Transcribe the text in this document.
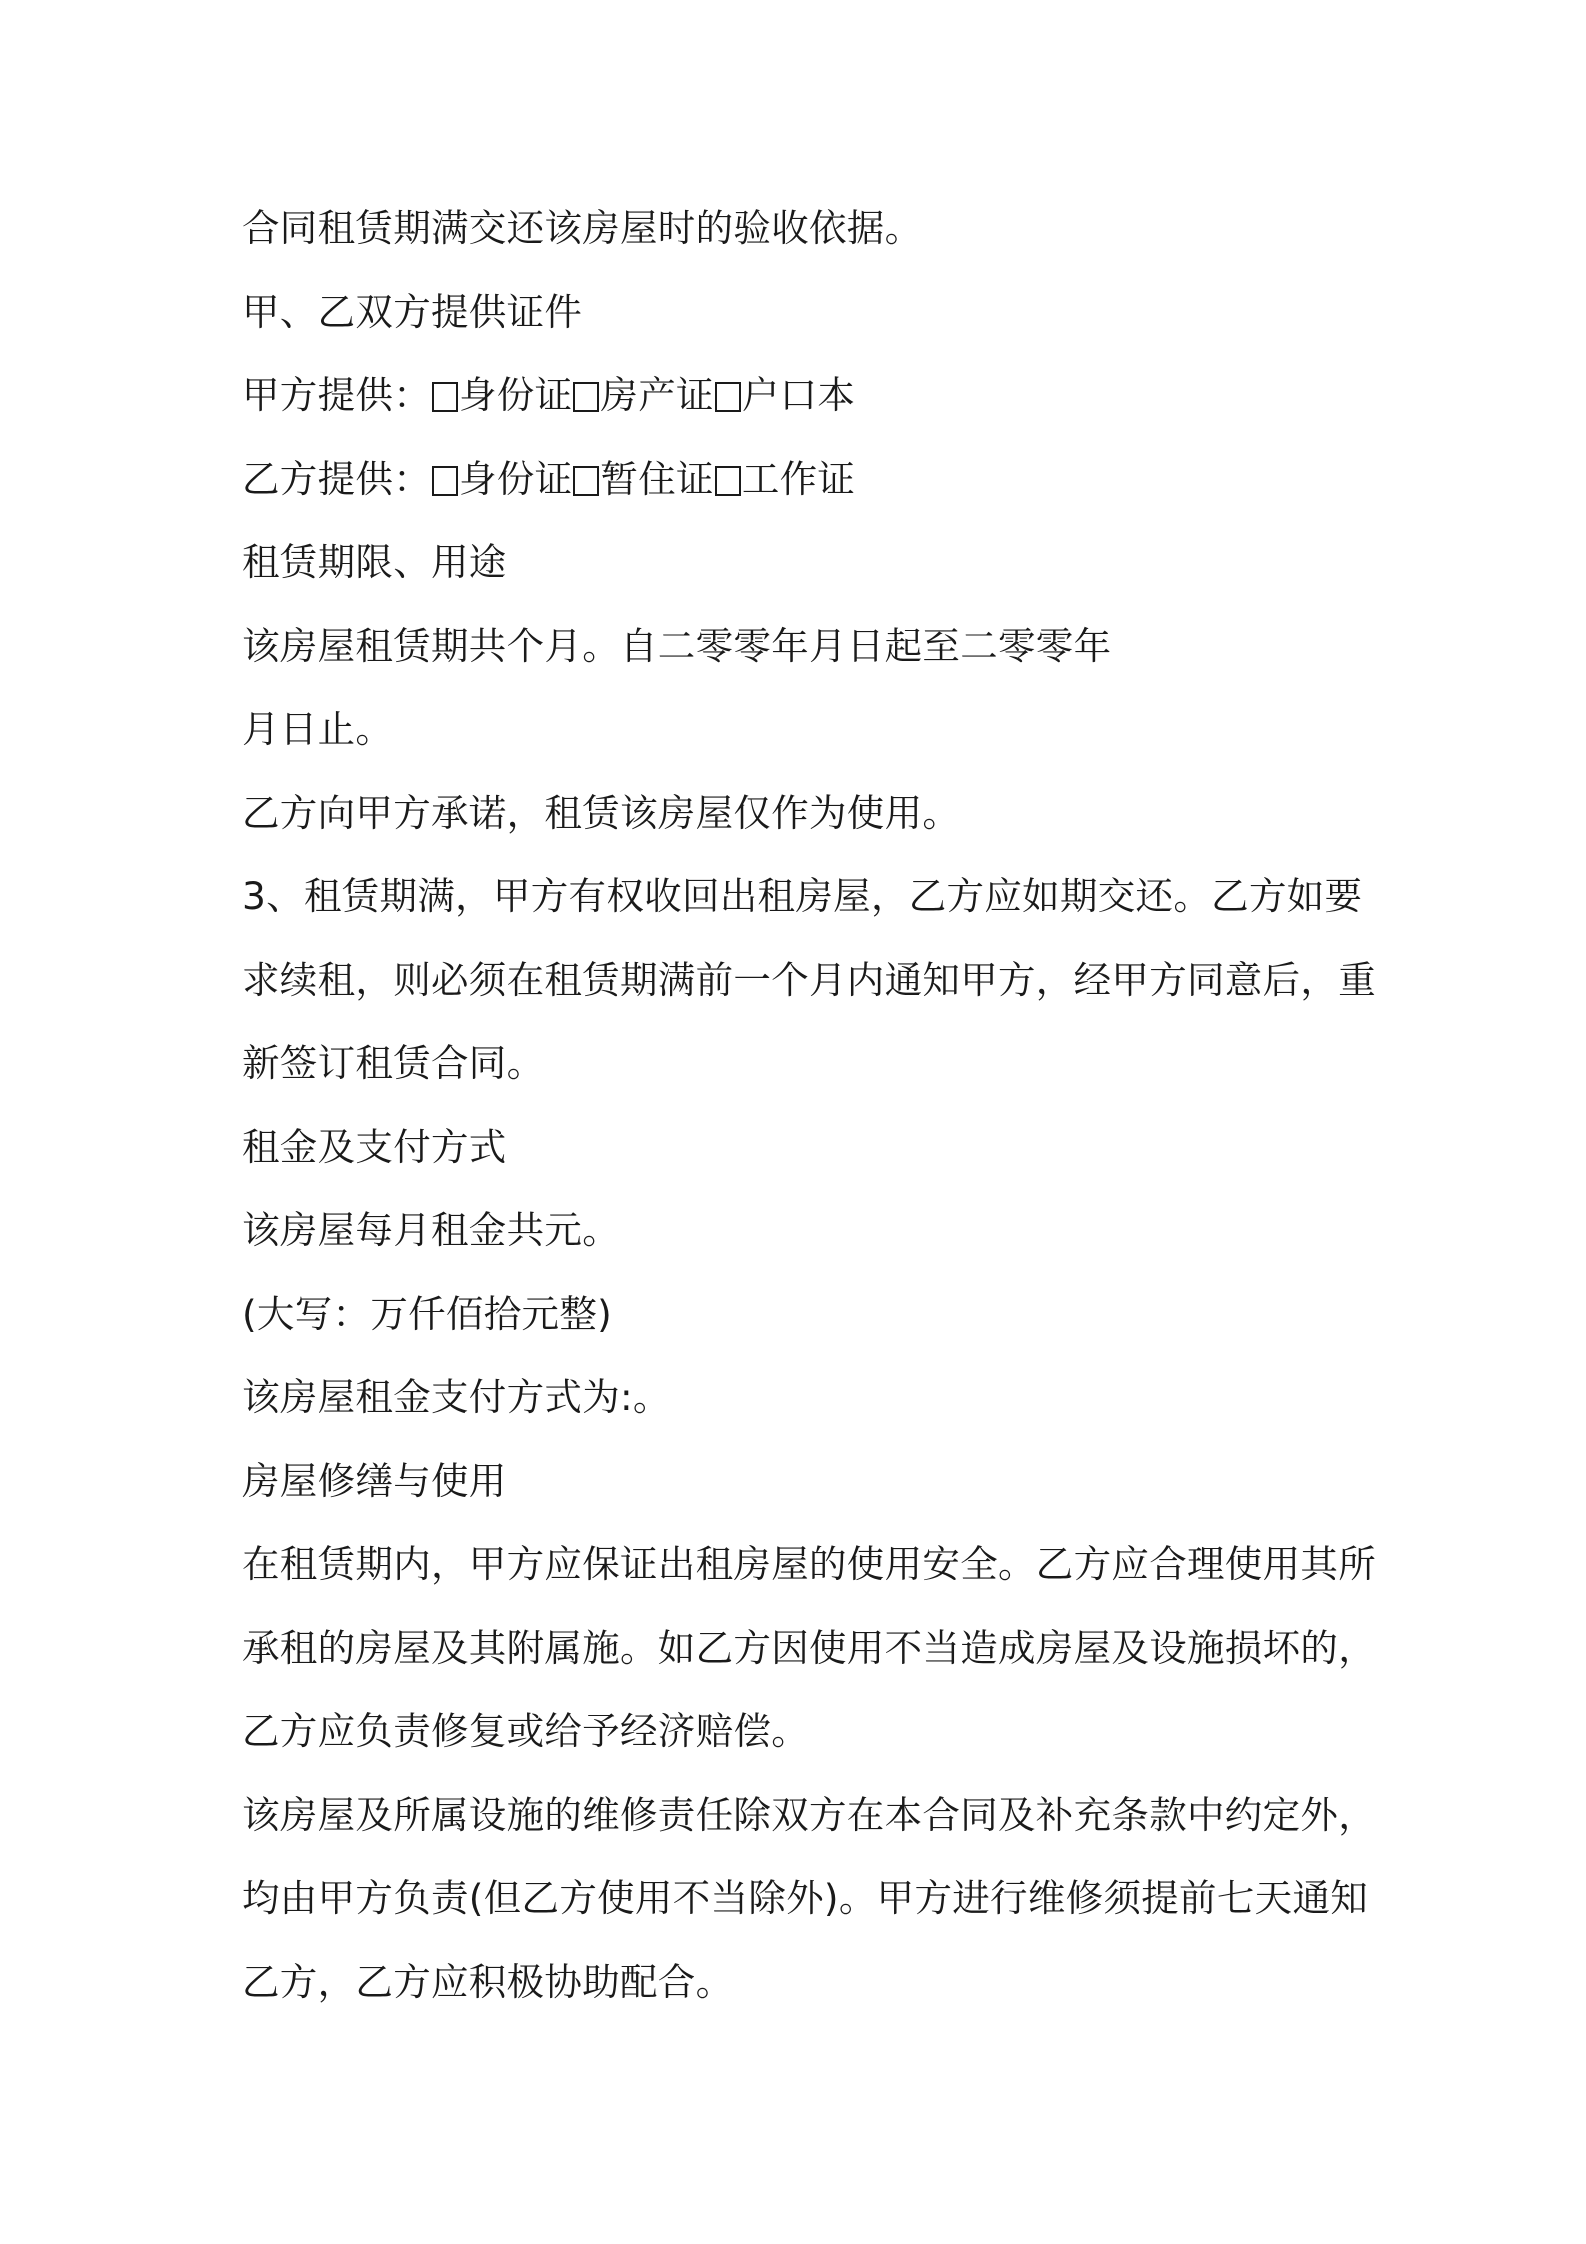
合同租赁期满交还该房屋时的验收依据。
甲、乙双方提供证件
甲方提供： 身份证 房产证 户口本
乙方提供： 身份证 暂住证 工作证
租赁期限、用途
该房屋租赁期共个月。自二零零年月日起至二零零年
月日止。
乙方向甲方承诺，租赁该房屋仅作为使用。
3、租赁期满，甲方有权收回出租房屋，乙方应如期交还。乙方如要
求续租，则必须在租赁期满前一个月内通知甲方，经甲方同意后，重
新签订租赁合同。
租金及支付方式
该房屋每月租金共元。
(大写：万仟佰拾元整)
该房屋租金支付方式为:。
房屋修缮与使用
在租赁期内，甲方应保证出租房屋的使用安全。乙方应合理使用其所
承租的房屋及其附属施。如乙方因使用不当造成房屋及设施损坏的，
乙方应负责修复或给予经济赔偿。
该房屋及所属设施的维修责任除双方在本合同及补充条款中约定外，
均由甲方负责(但乙方使用不当除外)。甲方进行维修须提前七天通知
乙方，乙方应积极协助配合。
